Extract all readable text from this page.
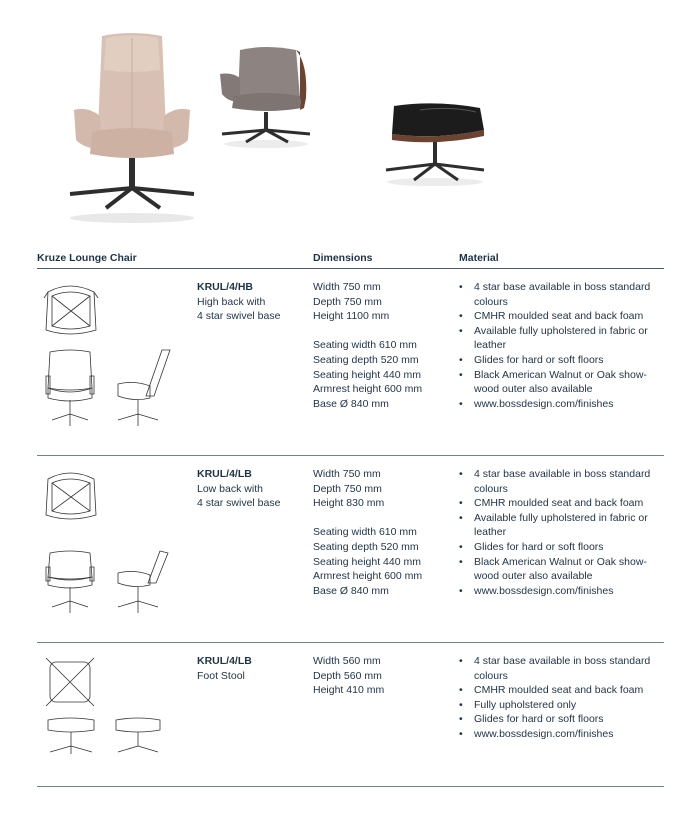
Kruze Lounge Chair	Dimensions	Material
KRUL/4/HB
High back with
4 star swivel base
Width 750 mm
Depth 750 mm
Height 1100 mm
Seating width 610 mm
Seating depth 520 mm
Seating height 440 mm
Armrest height 600 mm
Base Ø 840 mm
• 4 star base available in boss standard colours
• CMHR moulded seat and back foam
• Available fully upholstered in fabric or leather
• Glides for hard or soft floors
• Black American Walnut or Oak show-wood outer also available
• www.bossdesign.com/finishes
KRUL/4/LB
Low back with
4 star swivel base
Width 750 mm
Depth 750 mm
Height 830 mm
Seating width 610 mm
Seating depth 520 mm
Seating height 440 mm
Armrest height 600 mm
Base Ø 840 mm
• 4 star base available in boss standard colours
• CMHR moulded seat and back foam
• Available fully upholstered in fabric or leather
• Glides for hard or soft floors
• Black American Walnut or Oak show-wood outer also available
• www.bossdesign.com/finishes
KRUL/4/LB
Foot Stool
Width 560 mm
Depth 560 mm
Height 410 mm
• 4 star base available in boss standard colours
• CMHR moulded seat and back foam
• Fully upholstered only
• Glides for hard or soft floors
• www.bossdesign.com/finishes
